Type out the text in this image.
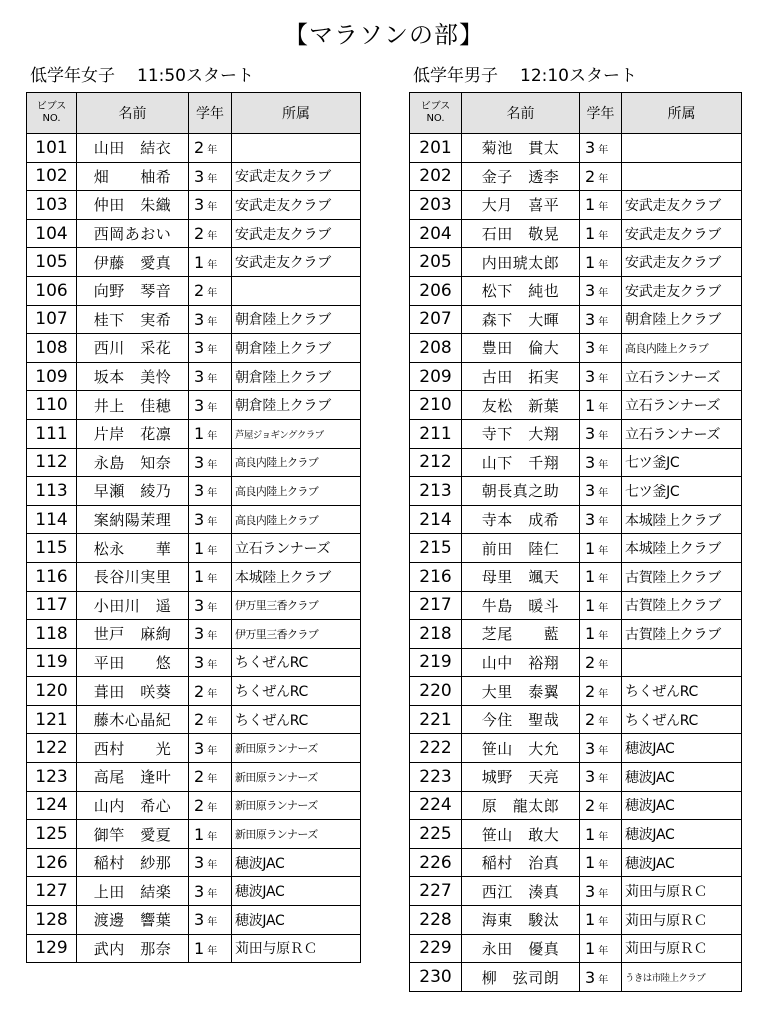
【マラソンの部】
低学年女子 11:50スタート
ビブス
NO.	名前	学年	所属
101	山田　結衣	2 年	
102	畑　　柚希	3 年	安武走友クラブ
103	仲田　朱織	3 年	安武走友クラブ
104	西岡あおい	2 年	安武走友クラブ
105	伊藤　愛真	1 年	安武走友クラブ
106	向野　琴音	2 年	
107	桂下　実希	3 年	朝倉陸上クラブ
108	西川　采花	3 年	朝倉陸上クラブ
109	坂本　美怜	3 年	朝倉陸上クラブ
110	井上　佳穂	3 年	朝倉陸上クラブ
111	片岸　花凛	1 年	芦屋ジョギングクラブ
112	永島　知奈	3 年	高良内陸上クラブ
113	早瀬　綾乃	3 年	高良内陸上クラブ
114	案納陽茉理	3 年	高良内陸上クラブ
115	松永　　華	1 年	立石ランナーズ
116	長谷川実里	1 年	本城陸上クラブ
117	小田川　遥	3 年	伊万里三香クラブ
118	世戸　麻絢	3 年	伊万里三香クラブ
119	平田　　悠	3 年	ちくぜんRC
120	葺田　咲葵	2 年	ちくぜんRC
121	藤木心晶紀	2 年	ちくぜんRC
122	西村　　光	3 年	新田原ランナーズ
123	高尾　逢叶	2 年	新田原ランナーズ
124	山内　希心	2 年	新田原ランナーズ
125	御竿　愛夏	1 年	新田原ランナーズ
126	稲村　紗那	3 年	穂波JAC
127	上田　結楽	3 年	穂波JAC
128	渡邊　響葉	3 年	穂波JAC
129	武内　那奈	1 年	苅田与原ＲＣ
低学年男子 12:10スタート
ビブス
NO.	名前	学年	所属
201	菊池　貫太	3 年	
202	金子　透李	2 年	
203	大月　喜平	1 年	安武走友クラブ
204	石田　敬晃	1 年	安武走友クラブ
205	内田琥太郎	1 年	安武走友クラブ
206	松下　純也	3 年	安武走友クラブ
207	森下　大暉	3 年	朝倉陸上クラブ
208	豊田　倫大	3 年	高良内陸上クラブ
209	古田　拓実	3 年	立石ランナーズ
210	友松　新葉	1 年	立石ランナーズ
211	寺下　大翔	3 年	立石ランナーズ
212	山下　千翔	3 年	七ツ釜JC
213	朝長真之助	3 年	七ツ釜JC
214	寺本　成希	3 年	本城陸上クラブ
215	前田　陸仁	1 年	本城陸上クラブ
216	母里　颯天	1 年	古賀陸上クラブ
217	牛島　暖斗	1 年	古賀陸上クラブ
218	芝尾　　藍	1 年	古賀陸上クラブ
219	山中　裕翔	2 年	
220	大里　泰翼	2 年	ちくぜんRC
221	今住　聖哉	2 年	ちくぜんRC
222	笹山　大允	3 年	穂波JAC
223	城野　天亮	3 年	穂波JAC
224	原　龍太郎	2 年	穂波JAC
225	笹山　敢大	1 年	穂波JAC
226	稲村　治真	1 年	穂波JAC
227	西江　湊真	3 年	苅田与原ＲＣ
228	海東　駿汰	1 年	苅田与原ＲＣ
229	永田　優真	1 年	苅田与原ＲＣ
230	柳　弦司朗	3 年	うきは市陸上クラブ
